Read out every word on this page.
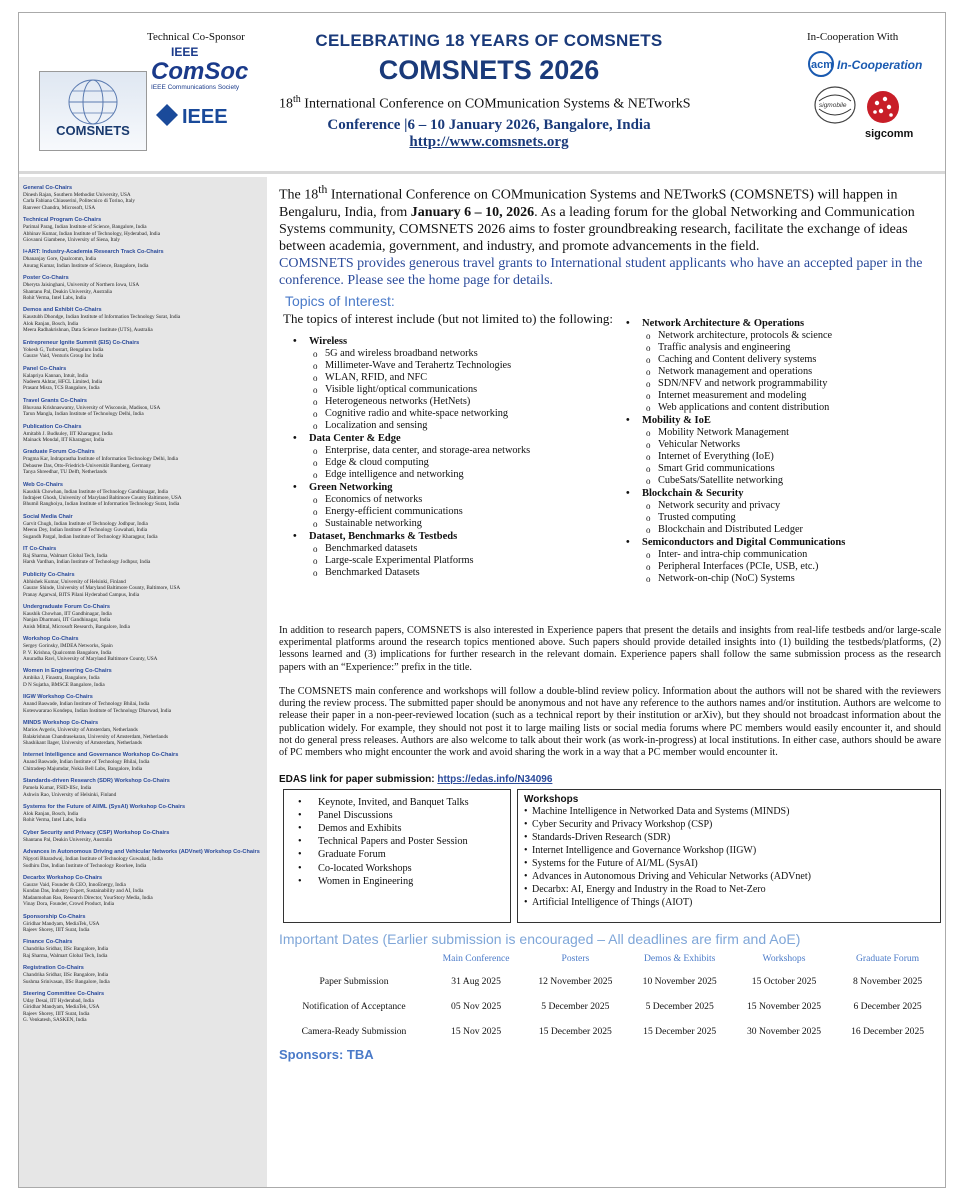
Technical Co-Sponsor
IEEE
ComSoc
IEEE Communications Society
IEEE
COMSNETS
CELEBRATING 18 YEARS OF COMSNETS
COMSNETS 2026
18th International Conference on COMmunication Systems & NETworkS
Conference |6 – 10 January 2026, Bangalore, India
http://www.comsnets.org
In-Cooperation With
acm In-Cooperation
sigmobile
sigcomm
General Co-Chairs
Dinesh Rajan, Southern Methodist University, USA
Carla Fabiana Chiasserini, Politecnico di Torino, Italy
Ranveer Chandra, Microsoft, USA
Technical Program Co-Chairs
Parimal Parag, Indian Institute of Science, Bangalore, India
Abhinav Kumar, Indian Institute of Technology, Hyderabad, India
Giovanni Giambene, University of Siena, Italy
I+ART: Industry-Academia Research Track Co-Chairs
Dhananjay Gore, Qualcomm, India
Anurag Kumar, Indian Institute of Science, Bangalore, India
Poster Co-Chairs
Dheryta Jaisinghani, University of Northern Iowa, USA
Shantanu Pal, Deakin University, Australia
Rohit Verma, Intel Labs, India
Demos and Exhibit Co-Chairs
Kaustubh Dhondge, Indian Institute of Information Technology Surat, India
Alok Ranjan, Bosch, India
Meera Radhakrishnan, Data Science Institute (UTS), Australia
Entrepreneur Ignite Summit (EIS) Co-Chairs
Yokesh G, Turbostart, Bengaluru India
Gaurav Vaid, Venturis Group Inc India
Panel Co-Chairs
Kalapriya Kannan, Intuit, India
Nadeem Akhtar, HFCL Limited, India
Prasant Misra, TCS Bangalore, India
Travel Grants Co-Chairs
Bhuvana Krishnaswamy, University of Wisconsin, Madison, USA
Tarun Mangla, Indian Institute of Technology Delhi, India
Publication Co-Chairs
Amitabh J. Budkuley, IIT Kharagpur, India
Mainack Mondal, IIT Kharagpur, India
Graduate Forum Co-Chairs
Pragma Kar, Indraprastha Institute of Information Technology Delhi, India
Debasree Das, Otto-Friedrich-Universität Bamberg, Germany
Tanya Shreedhar, TU Delft, Netherlands
Web Co-Chairs
Kaushik Chowhan, Indian Institute of Technology Gandhinagar, India
Indrajeet Ghosh, University of Maryland Baltimore County Baltimore, USA
Bhumil Ranghoiya, Indian Institute of Information Technology Surat, India
Social Media Chair
Garvit Chugh, Indian Institute of Technology Jodhpur, India
Meenu Dey, Indian Institute of Technology Guwahati, India
Sugandh Pargal, Indian Institute of Technology Kharagpur, India
IT Co-Chairs
Raj Sharma, Walmart Global Tech, India
Harsh Vardhan, Indian Institute of Technology Jodhpur, India
Publicity Co-Chairs
Abhishek Kumar, University of Helsinki, Finland
Gaurav Shinde, University of Maryland Baltimore County, Baltimore, USA
Pranay Agarwal, BITS Pilani Hyderabad Campus, India
Undergraduate Forum Co-Chairs
Kaushik Chowhan, IIT Gandhinagar, India
Nanjan Dharmani, IIT Gandhinagar, India
Anish Mittal, Microsoft Research, Bangalore, India
Workshop Co-Chairs
Sergey Gorinsky, IMDEA Networks, Spain
P. V. Krishna, Qualcomm Bangalore, India
Anuradha Ravi, University of Maryland Baltimore County, USA
Women in Engineering Co-Chairs
Ambika J, Finastra, Bangalore, India
D N Sujatha, BMSCE Bangalore, India
IIGW Workshop Co-Chairs
Anand Baswade, Indian Institute of Technology Bhilai, India
Koteswararao Kondepu, Indian Institute of Technology Dharwad, India
MINDS Workshop Co-Chairs
Marios Avgeris, University of Amsterdam, Netherlands
Balakrishnan Chandrasekaran, University of Amsterdam, Netherlands
Shashikant Ilager, University of Amsterdam, Netherlands
Internet Intelligence and Governance Workshop Co-Chairs
Anand Baswade, Indian Institute of Technology Bhilai, India
Chitradeep Majumdar, Nokia Bell Labs, Bangalore, India
Standards-driven Research (SDR) Workshop Co-Chairs
Pamela Kumar, FSID-IISc, India
Ashwin Rao, University of Helsinki, Finland
Systems for the Future of AI/ML (SysAI) Workshop Co-Chairs
Alok Ranjan, Bosch, India
Rohit Verma, Intel Labs, India
Cyber Security and Privacy (CSP) Workshop Co-Chairs
Shantanu Pal, Deakin University, Australia
Advances in Autonomous Driving and Vehicular Networks (ADVnet) Workshop Co-Chairs
Nipyoti Bharadwaj, Indian Institute of Technology Guwahati, India
Sudhiru Das, Indian Institute of Technology Roorkee, India
Decarbx Workshop Co-Chairs
Gaurav Vaid, Founder & CEO, InnoEnergy, India
Kundan Das, Industry Expert, Sustainability and AI, India
Madanmohan Rao, Research Director, YourStory Media, India
Vinay Dora, Founder, Crowd Product, India
Sponsorship Co-Chairs
Giridhar Mandyam, MediaTek, USA
Rajeev Shorey, IIIT Surat, India
Finance Co-Chairs
Chandrika Sridhar, IISc Bangalore, India
Raj Sharma, Walmart Global Tech, India
Registration Co-Chairs
Chandrika Sridhar, IISc Bangalore, India
Sushma Srinivasan, IISc Bangalore, India
Steering Committee Co-Chairs
Uday Desai, IIT Hyderabad, India
Giridhar Mandyam, MediaTek, USA
Rajeev Shorey, IIIT Surat, India
G. Venkatesh, SASKEN, India
The 18th International Conference on COMmunication Systems and NETworkS (COMSNETS) will happen in Bengaluru, India, from January 6 – 10, 2026. As a leading forum for the global Networking and Communication Systems community, COMSNETS 2026 aims to foster groundbreaking research, facilitate the exchange of ideas between academia, government, and industry, and promote advancements in the field.
COMSNETS provides generous travel grants to International student applicants who have an accepted paper in the conference. Please see the home page for details.
Topics of Interest:
The topics of interest include (but not limited to) the following:
• Wireless
o 5G and wireless broadband networks
o Millimeter-Wave and Terahertz Technologies
o WLAN, RFID, and NFC
o Visible light/optical communications
o Heterogeneous networks (HetNets)
o Cognitive radio and white-space networking
o Localization and sensing
• Data Center & Edge
o Enterprise, data center, and storage-area networks
o Edge & cloud computing
o Edge intelligence and networking
• Green Networking
o Economics of networks
o Energy-efficient communications
o Sustainable networking
• Dataset, Benchmarks & Testbeds
o Benchmarked datasets
o Large-scale Experimental Platforms
o Benchmarked Datasets
• Network Architecture & Operations
o Network architecture, protocols & science
o Traffic analysis and engineering
o Caching and Content delivery systems
o Network management and operations
o SDN/NFV and network programmability
o Internet measurement and modeling
o Web applications and content distribution
• Mobility & IoE
o Mobility Network Management
o Vehicular Networks
o Internet of Everything (IoE)
o Smart Grid communications
o CubeSats/Satellite networking
• Blockchain & Security
o Network security and privacy
o Trusted computing
o Blockchain and Distributed Ledger
• Semiconductors and Digital Communications
o Inter- and intra-chip communication
o Peripheral Interfaces (PCIe, USB, etc.)
o Network-on-chip (NoC) Systems
In addition to research papers, COMSNETS is also interested in Experience papers that present the details and insights from real-life testbeds and/or large-scale experimental platforms around the research topics mentioned above. Such papers should provide detailed insights into (1) building the testbeds/platforms, (2) lessons learned and (3) implications for further research in the relevant domain. Experience papers shall follow the same submission process as the research papers with an “Experience:” prefix in the title.
The COMSNETS main conference and workshops will follow a double-blind review policy. Information about the authors will not be shared with the reviewers during the review process. The submitted paper should be anonymous and not have any reference to the authors names and/or institution. Authors are welcome to release their paper in a non-peer-reviewed location (such as a technical report by their institution or arXiv), but they should not broadcast information about the publication widely. For example, they should not post it to large mailing lists or social media forums where PC members would easily encounter it, and should not do general press releases. Authors are also welcome to talk about their work (as work-in-progress) at local institutions. In either case, authors should be aware of PC members who might encounter the work and avoid sharing the work in a way that a PC member would encounter it.
EDAS link for paper submission: https://edas.info/N34096
• Keynote, Invited, and Banquet Talks
• Panel Discussions
• Demos and Exhibits
• Technical Papers and Poster Session
• Graduate Forum
• Co-located Workshops
• Women in Engineering
Workshops
• Machine Intelligence in Networked Data and Systems (MINDS)
• Cyber Security and Privacy Workshop (CSP)
• Standards-Driven Research (SDR)
• Internet Intelligence and Governance Workshop (IIGW)
• Systems for the Future of AI/ML (SysAI)
• Advances in Autonomous Driving and Vehicular Networks (ADVnet)
• Decarbx: AI, Energy and Industry in the Road to Net-Zero
• Artificial Intelligence of Things (AIOT)
Important Dates (Earlier submission is encouraged – All deadlines are firm and AoE)
	Main Conference	Posters	Demos & Exhibits	Workshops	Graduate Forum
Paper Submission	31 Aug 2025	12 November 2025	10 November 2025	15 October 2025	8 November 2025
Notification of Acceptance	05 Nov 2025	5 December 2025	5 December 2025	15 November 2025	6 December 2025
Camera-Ready Submission	15 Nov 2025	15 December 2025	15 December 2025	30 November 2025	16 December 2025
Sponsors: TBA
